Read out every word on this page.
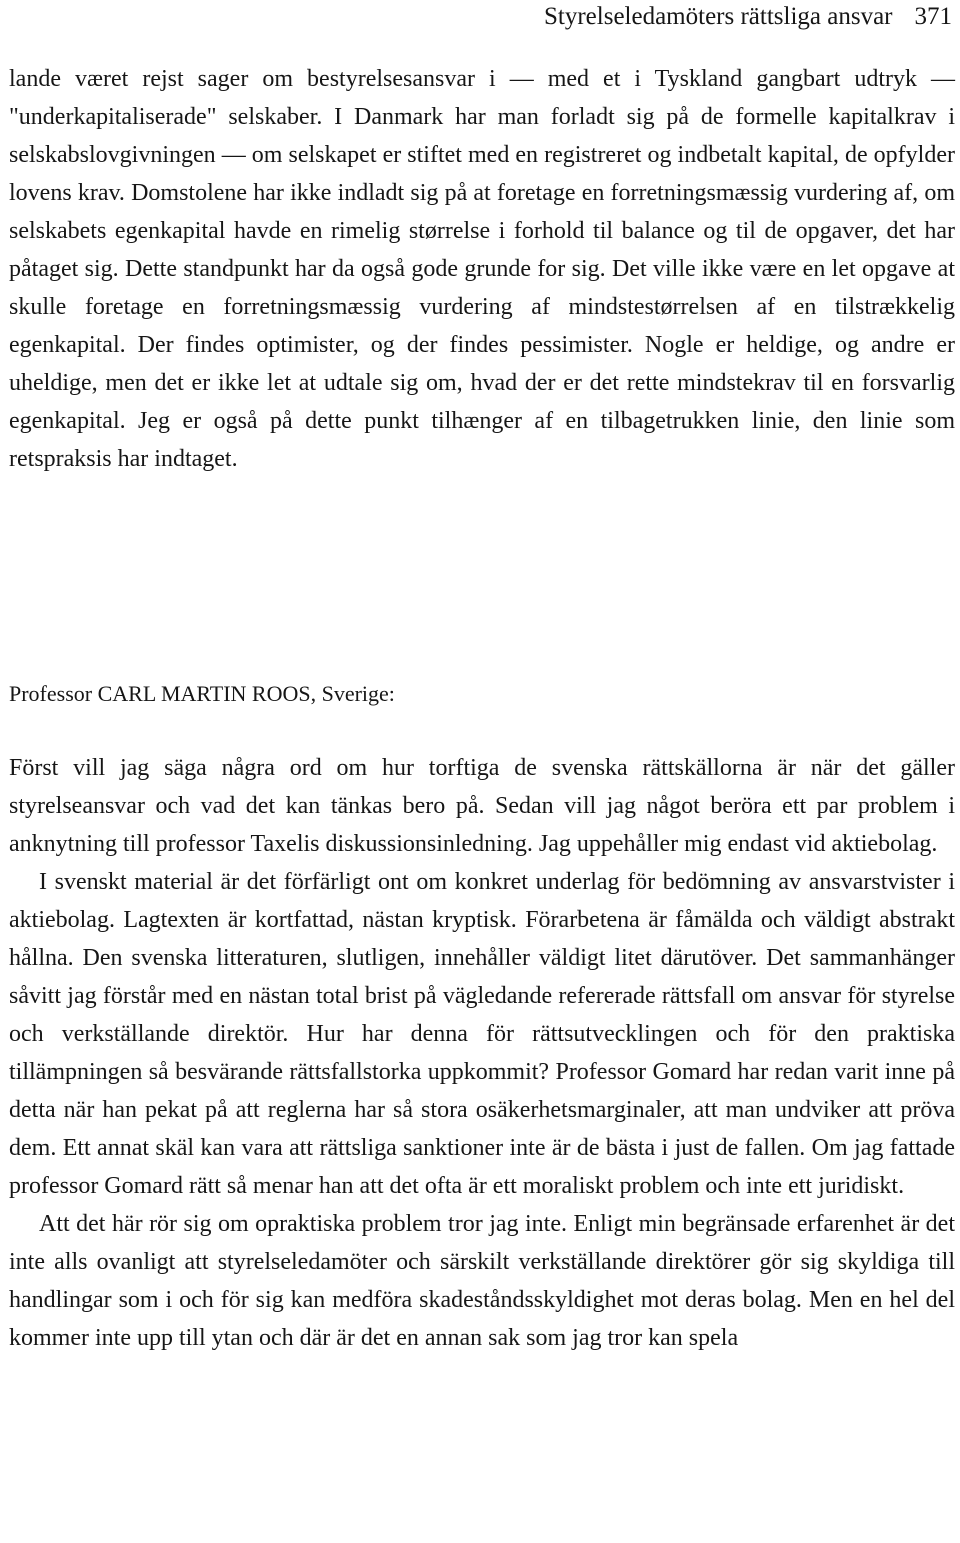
Styrelseledamöters rättsliga ansvar 371

lande været rejst sager om bestyrelsesansvar i — med et i Tyskland gangbart udtryk — "underkapitaliserade" selskaber. I Danmark har man forladt sig på de formelle kapitalkrav i selskabslovgivningen — om selskapet er stiftet med en registreret og indbetalt kapital, de opfylder lovens krav. Domstolene har ikke indladt sig på at foretage en forretningsmæssig vurdering af, om selskabets egenkapital havde en rimelig størrelse i forhold til balance og til de opgaver, det har påtaget sig. Dette standpunkt har da også gode grunde for sig. Det ville ikke være en let opgave at skulle foretage en forretningsmæssig vurdering af mindstestørrelsen af en tilstrækkelig egenkapital. Der findes optimister, og der findes pessimister. Nogle er heldige, og andre er uheldige, men det er ikke let at udtale sig om, hvad der er det rette mindstekrav til en forsvarlig egenkapital. Jeg er også på dette punkt tilhænger af en tilbagetrukken linie, den linie som retspraksis har indtaget.

Professor CARL MARTIN ROOS, Sverige:

Först vill jag säga några ord om hur torftiga de svenska rättskällorna är när det gäller styrelseansvar och vad det kan tänkas bero på. Sedan vill jag något beröra ett par problem i anknytning till professor Taxelis diskussionsinledning. Jag uppehåller mig endast vid aktiebolag.

I svenskt material är det förfärligt ont om konkret underlag för bedömning av ansvarstvister i aktiebolag. Lagtexten är kortfattad, nästan kryptisk. Förarbetena är fåmälda och väldigt abstrakt hållna. Den svenska litteraturen, slutligen, innehåller väldigt litet därutöver. Det sammanhänger såvitt jag förstår med en nästan total brist på vägledande refererade rättsfall om ansvar för styrelse och verkställande direktör. Hur har denna för rättsutvecklingen och för den praktiska tillämpningen så besvärande rättsfallstorka uppkommit? Professor Gomard har redan varit inne på detta när han pekat på att reglerna har så stora osäkerhetsmarginaler, att man undviker att pröva dem. Ett annat skäl kan vara att rättsliga sanktioner inte är de bästa i just de fallen. Om jag fattade professor Gomard rätt så menar han att det ofta är ett moraliskt problem och inte ett juridiskt.

Att det här rör sig om opraktiska problem tror jag inte. Enligt min begränsade erfarenhet är det inte alls ovanligt att styrelseledamöter och särskilt verkställande direktörer gör sig skyldiga till handlingar som i och för sig kan medföra skadeståndsskyldighet mot deras bolag. Men en hel del kommer inte upp till ytan och där är det en annan sak som jag tror kan spela
